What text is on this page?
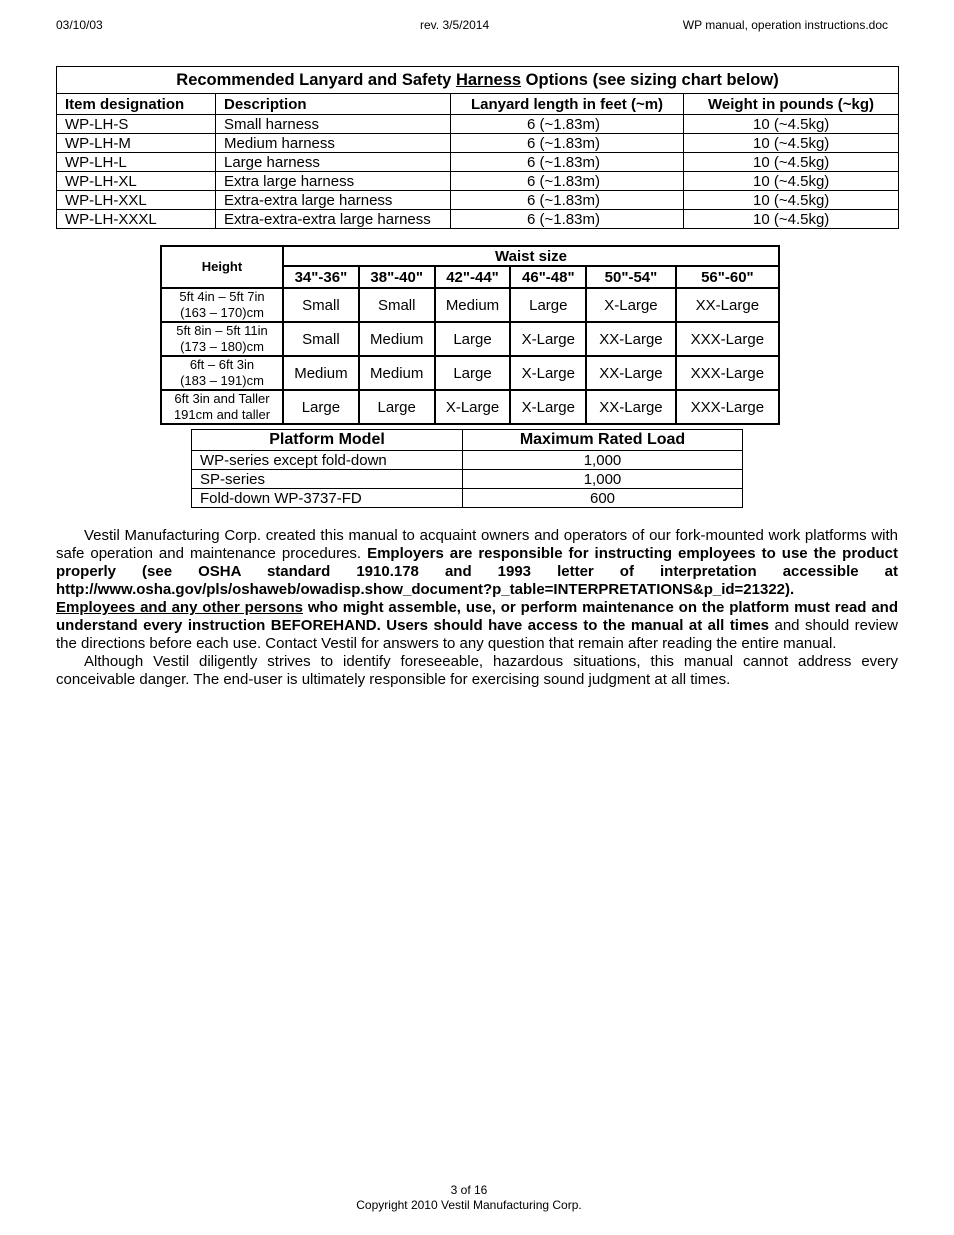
03/10/03	rev. 3/5/2014	WP manual, operation instructions.doc
Recommended Lanyard and Safety Harness Options (see sizing chart below)			
Item designation	Description	Lanyard length in feet (~m)	Weight in pounds (~kg)
WP-LH-S	Small harness	6 (~1.83m)	10 (~4.5kg)
WP-LH-M	Medium harness	6 (~1.83m)	10 (~4.5kg)
WP-LH-L	Large harness	6 (~1.83m)	10 (~4.5kg)
WP-LH-XL	Extra large harness	6 (~1.83m)	10 (~4.5kg)
WP-LH-XXL	Extra-extra large harness	6 (~1.83m)	10 (~4.5kg)
WP-LH-XXXL	Extra-extra-extra large harness	6 (~1.83m)	10 (~4.5kg)
Height	Waist size					
	34"-36"	38"-40"	42"-44"	46"-48"	50"-54"	56"-60"
5ft 4in – 5ft 7in
(163 – 170)cm	Small	Small	Medium	Large	X-Large	XX-Large
5ft 8in – 5ft 11in
(173 – 180)cm	Small	Medium	Large	X-Large	XX-Large	XXX-Large
6ft – 6ft 3in
(183 – 191)cm	Medium	Medium	Large	X-Large	XX-Large	XXX-Large
6ft 3in and Taller
191cm and taller	Large	Large	X-Large	X-Large	XX-Large	XXX-Large
Platform Model	Maximum Rated Load
WP-series except fold-down	1,000
SP-series	1,000
Fold-down WP-3737-FD	600

Vestil Manufacturing Corp. created this manual to acquaint owners and operators of our fork-mounted work platforms with safe operation and maintenance procedures. Employers are responsible for instructing employees to use the product properly (see OSHA standard 1910.178 and 1993 letter of interpretation accessible at http://www.osha.gov/pls/oshaweb/owadisp.show_document?p_table=INTERPRETATIONS&p_id=21322).
Employees and any other persons who might assemble, use, or perform maintenance on the platform must read and understand every instruction BEFOREHAND. Users should have access to the manual at all times and should review the directions before each use. Contact Vestil for answers to any question that remain after reading the entire manual.

Although Vestil diligently strives to identify foreseeable, hazardous situations, this manual cannot address every conceivable danger. The end-user is ultimately responsible for exercising sound judgment at all times.

3 of 16
Copyright 2010 Vestil Manufacturing Corp.
